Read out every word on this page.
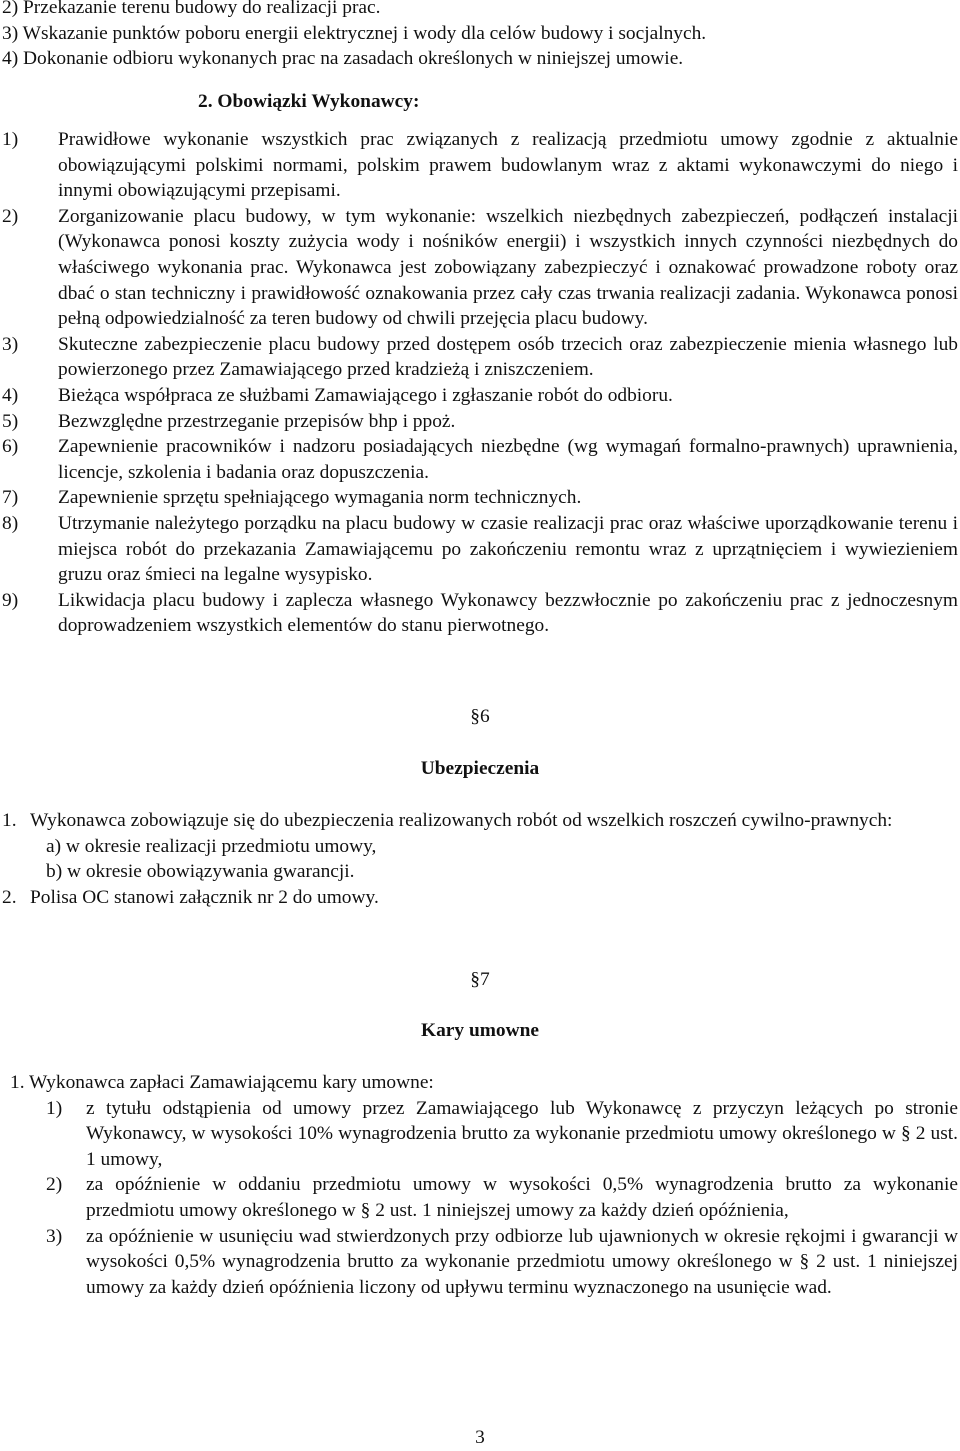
2) Przekazanie terenu budowy do realizacji prac.

3) Wskazanie punktów poboru energii elektrycznej i wody dla celów budowy i socjalnych.

4) Dokonanie odbioru wykonanych prac na zasadach określonych w niniejszej umowie.

2. Obowiązki Wykonawcy:
1) Prawidłowe wykonanie wszystkich prac związanych z realizacją przedmiotu umowy zgodnie z aktualnie obowiązującymi polskimi normami, polskim prawem budowlanym wraz z aktami wykonawczymi do niego i innymi obowiązującymi przepisami.
2) Zorganizowanie placu budowy, w tym wykonanie: wszelkich niezbędnych zabezpieczeń, podłączeń instalacji (Wykonawca ponosi koszty zużycia wody i nośników energii) i wszystkich innych czynności niezbędnych do właściwego wykonania prac. Wykonawca jest zobowiązany zabezpieczyć i oznakować prowadzone roboty oraz dbać o stan techniczny i prawidłowość oznakowania przez cały czas trwania realizacji zadania. Wykonawca ponosi pełną odpowiedzialność za teren budowy od chwili przejęcia placu budowy.
3) Skuteczne zabezpieczenie placu budowy przed dostępem osób trzecich oraz zabezpieczenie mienia własnego lub powierzonego przez Zamawiającego przed kradzieżą i zniszczeniem.
4) Bieżąca współpraca ze służbami Zamawiającego i zgłaszanie robót do odbioru.
5) Bezwzględne przestrzeganie przepisów bhp i ppoż.
6) Zapewnienie pracowników i nadzoru posiadających niezbędne (wg wymagań formalno-prawnych) uprawnienia, licencje, szkolenia i badania oraz dopuszczenia.
7) Zapewnienie sprzętu spełniającego wymagania norm technicznych.
8) Utrzymanie należytego porządku na placu budowy w czasie realizacji prac oraz właściwe uporządkowanie terenu i miejsca robót do przekazania Zamawiającemu po zakończeniu remontu wraz z uprzątnięciem i wywiezieniem gruzu oraz śmieci na legalne wysypisko.
9) Likwidacja placu budowy i zaplecza własnego Wykonawcy bezzwłocznie po zakończeniu prac z jednoczesnym doprowadzeniem wszystkich elementów do stanu pierwotnego.
§6
Ubezpieczenia
1. Wykonawca zobowiązuje się do ubezpieczenia realizowanych robót od wszelkich roszczeń cywilno-prawnych:
a) w okresie realizacji przedmiotu umowy,
b) w okresie obowiązywania gwarancji.
2. Polisa OC stanowi załącznik nr 2 do umowy.
§7
Kary umowne

1. Wykonawca zapłaci Zamawiającemu kary umowne:

1) z tytułu odstąpienia od umowy przez Zamawiającego lub Wykonawcę z przyczyn leżących po stronie Wykonawcy, w wysokości 10% wynagrodzenia brutto za wykonanie przedmiotu umowy określonego w § 2 ust. 1 umowy,
2) za opóźnienie w oddaniu przedmiotu umowy w wysokości 0,5% wynagrodzenia brutto za wykonanie przedmiotu umowy określonego w § 2 ust. 1 niniejszej umowy za każdy dzień opóźnienia,
3) za opóźnienie w usunięciu wad stwierdzonych przy odbiorze lub ujawnionych w okresie rękojmi i gwarancji w wysokości 0,5% wynagrodzenia brutto za wykonanie przedmiotu umowy określonego w § 2 ust. 1 niniejszej umowy za każdy dzień opóźnienia liczony od upływu terminu wyznaczonego na usunięcie wad.
3
